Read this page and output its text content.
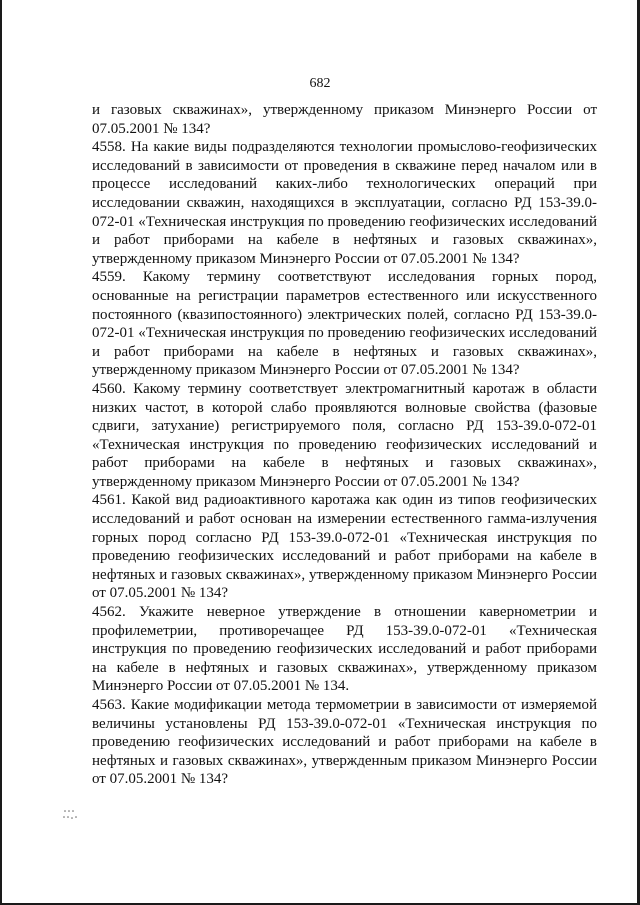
682

и газовых скважинах», утвержденному приказом Минэнерго России от 07.05.2001 № 134?

4558. На какие виды подразделяются технологии промыслово-геофизических исследований в зависимости от проведения в скважине перед началом или в процессе исследований каких-либо технологических операций при исследовании скважин, находящихся в эксплуатации, согласно РД 153-39.0-072-01 «Техническая инструкция по проведению геофизических исследований и работ приборами на кабеле в нефтяных и газовых скважинах», утвержденному приказом Минэнерго России от 07.05.2001 № 134?

4559. Какому термину соответствуют исследования горных пород, основанные на регистрации параметров естественного или искусственного постоянного (квазипостоянного) электрических полей, согласно РД 153-39.0-072-01 «Техническая инструкция по проведению геофизических исследований и работ приборами на кабеле в нефтяных и газовых скважинах», утвержденному приказом Минэнерго России от 07.05.2001 № 134?

4560. Какому термину соответствует электромагнитный каротаж в области низких частот, в которой слабо проявляются волновые свойства (фазовые сдвиги, затухание) регистрируемого поля, согласно РД 153-39.0-072-01 «Техническая инструкция по проведению геофизических исследований и работ приборами на кабеле в нефтяных и газовых скважинах», утвержденному приказом Минэнерго России от 07.05.2001 № 134?

4561. Какой вид радиоактивного каротажа как один из типов геофизических исследований и работ основан на измерении естественного гамма-излучения горных пород согласно РД 153-39.0-072-01 «Техническая инструкция по проведению геофизических исследований и работ приборами на кабеле в нефтяных и газовых скважинах», утвержденному приказом Минэнерго России от 07.05.2001 № 134?

4562. Укажите неверное утверждение в отношении кавернометрии и профилеметрии, противоречащее РД 153-39.0-072-01 «Техническая инструкция по проведению геофизических исследований и работ приборами на кабеле в нефтяных и газовых скважинах», утвержденному приказом Минэнерго России от 07.05.2001 № 134.

4563. Какие модификации метода термометрии в зависимости от измеряемой величины установлены РД 153-39.0-072-01 «Техническая инструкция по проведению геофизических исследований и работ приборами на кабеле в нефтяных и газовых скважинах», утвержденным приказом Минэнерго России от 07.05.2001 № 134?
